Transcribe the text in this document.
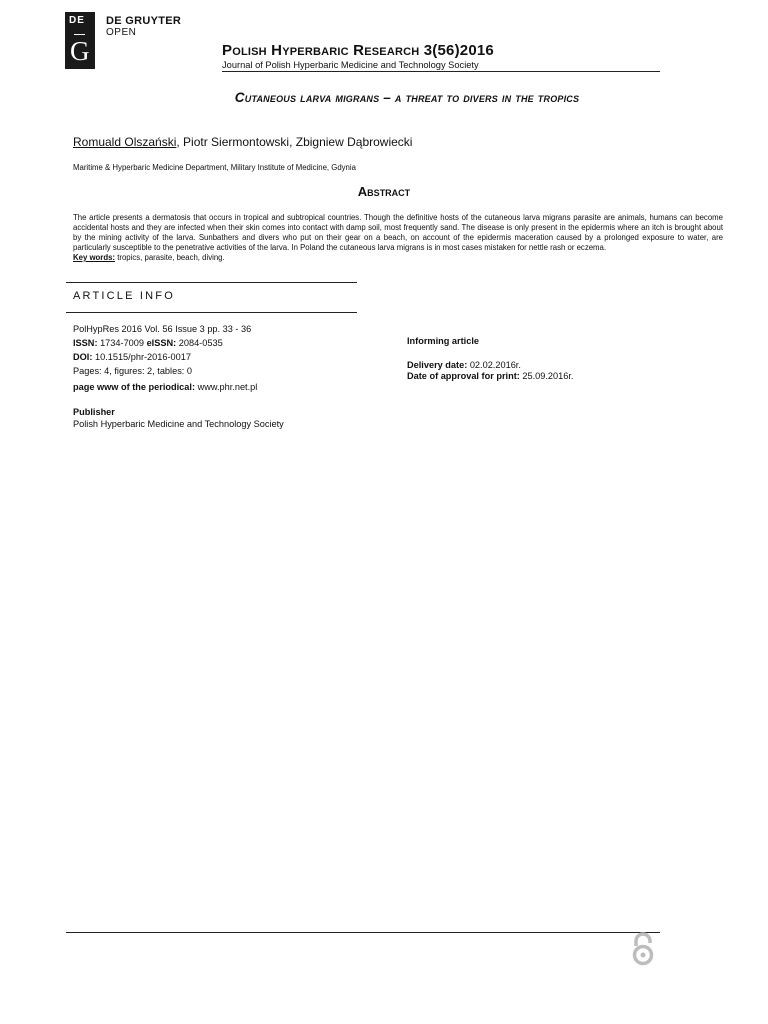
DE
G
DE GRUYTER
OPEN
Polish Hyperbaric Research 3(56)2016
Journal of Polish Hyperbaric Medicine and Technology Society
Cutaneous larva migrans – a threat to divers in the tropics
Romuald Olszański, Piotr Siermontowski, Zbigniew Dąbrowiecki
Maritime & Hyperbaric Medicine Department, Military Institute of Medicine, Gdynia
Abstract
The article presents a dermatosis that occurs in tropical and subtropical countries. Though the definitive hosts of the cutaneous larva migrans parasite are animals, humans can become accidental hosts and they are infected when their skin comes into contact with damp soil, most frequently sand. The disease is only present in the epidermis where an itch is brought about by the mining activity of the larva. Sunbathers and divers who put on their gear on a beach, on account of the epidermis maceration caused by a prolonged exposure to water, are particularly susceptible to the penetrative activities of the larva. In Poland the cutaneous larva migrans is in most cases mistaken for nettle rash or eczema.
Key words: tropics, parasite, beach, diving.
ARTICLE INFO
PolHypRes 2016 Vol. 56 Issue 3 pp. 33 - 36
ISSN: 1734-7009 eISSN: 2084-0535
DOI: 10.1515/phr-2016-0017
Pages: 4, figures: 2, tables: 0
page www of the periodical: www.phr.net.pl
Publisher
Polish Hyperbaric Medicine and Technology Society
Informing article
Delivery date: 02.02.2016r.
Date of approval for print: 25.09.2016r.
